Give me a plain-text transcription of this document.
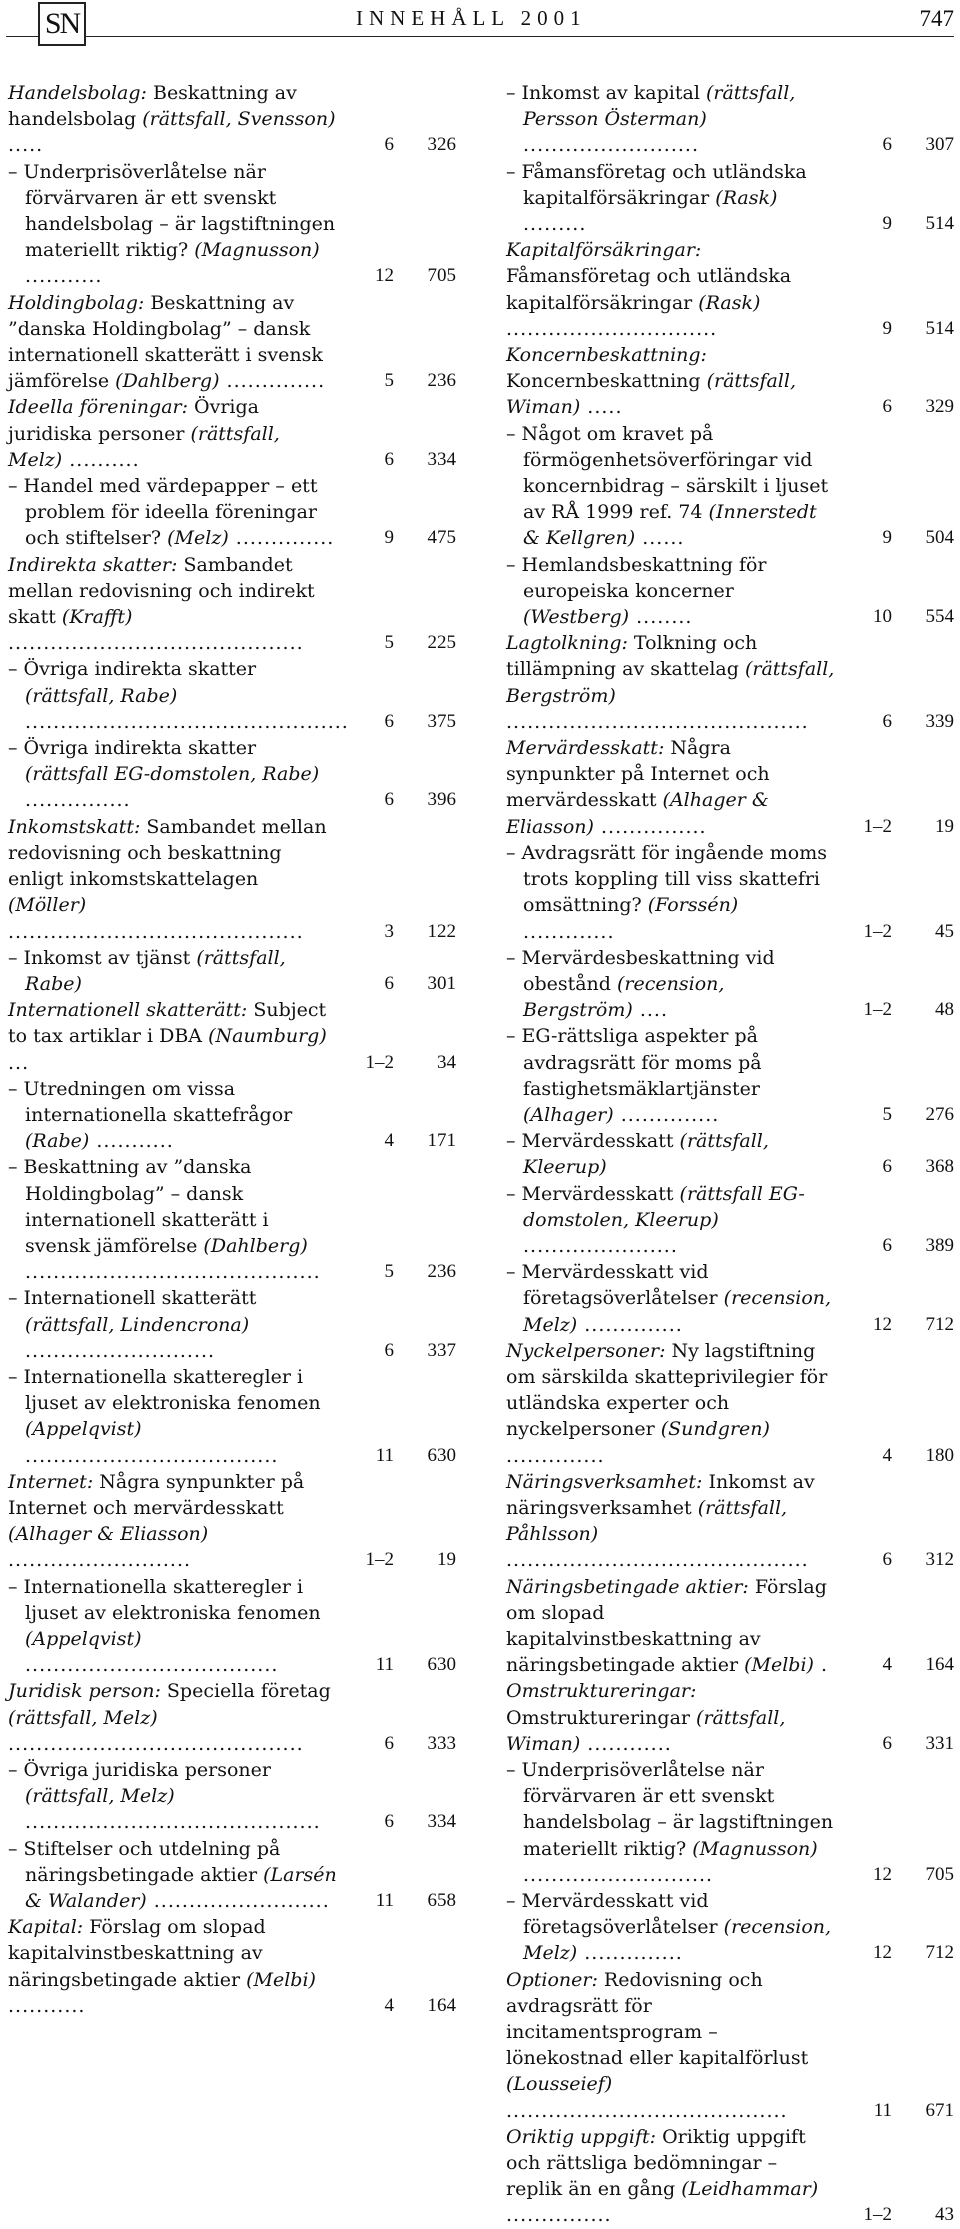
SN	INNEHÅLL 2001	747

Handelsbolag: Beskattning av handelsbolag (rättsfall, Svensson) .....	6	326

– Underprisöverlåtelse när förvärvaren är ett svenskt handelsbolag – är lagstiftningen materiellt riktig? (Magnusson) ...........	12	705

Holdingbolag: Beskattning av ”danska Holdingbolag” – dansk internationell skatterätt i svensk jämförelse (Dahlberg) ..............	5	236

Ideella föreningar: Övriga juridiska personer (rättsfall, Melz) ..........	6	334

– Handel med värdepapper – ett problem för ideella föreningar och stiftelser? (Melz) ..............	9	475

Indirekta skatter: Sambandet mellan redovisning och indirekt skatt (Krafft) ..........................................	5	225

– Övriga indirekta skatter (rättsfall, Rabe) ..............................................	6	375

– Övriga indirekta skatter (rättsfall EG-domstolen, Rabe) ...............	6	396

Inkomstskatt: Sambandet mellan redovisning och beskattning enligt inkomstskattelagen (Möller) ..........................................	3	122

– Inkomst av tjänst (rättsfall, Rabe)	6	301

Internationell skatterätt: Subject to tax artiklar i DBA (Naumburg) ...	1–2	34

– Utredningen om vissa internationella skattefrågor (Rabe) ...........	4	171

– Beskattning av ”danska Holdingbolag” – dansk internationell skatterätt i svensk jämförelse (Dahlberg) ..........................................	5	236

– Internationell skatterätt (rättsfall, Lindencrona) ...........................	6	337

– Internationella skatteregler i ljuset av elektroniska fenomen (Appelqvist) ....................................	11	630

Internet: Några synpunkter på Internet och mervärdesskatt (Alhager & Eliasson) ..........................	1–2	19

– Internationella skatteregler i ljuset av elektroniska fenomen (Appelqvist) ....................................	11	630

Juridisk person: Speciella företag (rättsfall, Melz) ..........................................	6	333

– Övriga juridiska personer (rättsfall, Melz) ..........................................	6	334

– Stiftelser och utdelning på näringsbetingade aktier (Larsén & Walander) .........................	11	658

Kapital: Förslag om slopad kapitalvinstbeskattning av näringsbetingade aktier (Melbi) ...........	4	164

– Inkomst av kapital (rättsfall, Persson Österman) .........................	6	307

– Fåmansföretag och utländska kapitalförsäkringar (Rask) .........	9	514

Kapitalförsäkringar: Fåmansföretag och utländska kapitalförsäkringar (Rask) ..............................	9	514

Koncernbeskattning: Koncernbeskattning (rättsfall, Wiman) .....	6	329

– Något om kravet på förmögenhetsöverföringar vid koncernbidrag – särskilt i ljuset av RÅ 1999 ref. 74 (Innerstedt & Kellgren) ......	9	504

– Hemlandsbeskattning för europeiska koncerner (Westberg) ........	10	554

Lagtolkning: Tolkning och tillämpning av skattelag (rättsfall, Bergström) ...........................................	6	339

Mervärdesskatt: Några synpunkter på Internet och mervärdesskatt (Alhager & Eliasson) ...............	1–2	19

– Avdragsrätt för ingående moms trots koppling till viss skattefri omsättning? (Forssén) .............	1–2	45

– Mervärdesbeskattning vid obestånd (recension, Bergström) ....	1–2	48

– EG-rättsliga aspekter på avdragsrätt för moms på fastighetsmäklartjänster (Alhager) ..............	5	276

– Mervärdesskatt (rättsfall, Kleerup)	6	368

– Mervärdesskatt (rättsfall EG-domstolen, Kleerup) ......................	6	389

– Mervärdesskatt vid företagsöverlåtelser (recension, Melz) ..............	12	712

Nyckelpersoner: Ny lagstiftning om särskilda skatteprivilegier för utländska experter och nyckelpersoner (Sundgren) ..............	4	180

Näringsverksamhet: Inkomst av näringsverksamhet (rättsfall, Påhlsson) ...........................................	6	312

Näringsbetingade aktier: Förslag om slopad kapitalvinstbeskattning av näringsbetingade aktier (Melbi) .	4	164

Omstruktureringar: Omstruktureringar (rättsfall, Wiman) ............	6	331

– Underprisöverlåtelse när förvärvaren är ett svenskt handelsbolag – är lagstiftningen materiellt riktig? (Magnusson) ...........................	12	705

– Mervärdesskatt vid företagsöverlåtelser (recension, Melz) ..............	12	712

Optioner: Redovisning och avdragsrätt för incitamentsprogram – lönekostnad eller kapitalförlust (Lousseief) ........................................	11	671

Oriktig uppgift: Oriktig uppgift och rättsliga bedömningar – replik än en gång (Leidhammar) ...............	1–2	43
